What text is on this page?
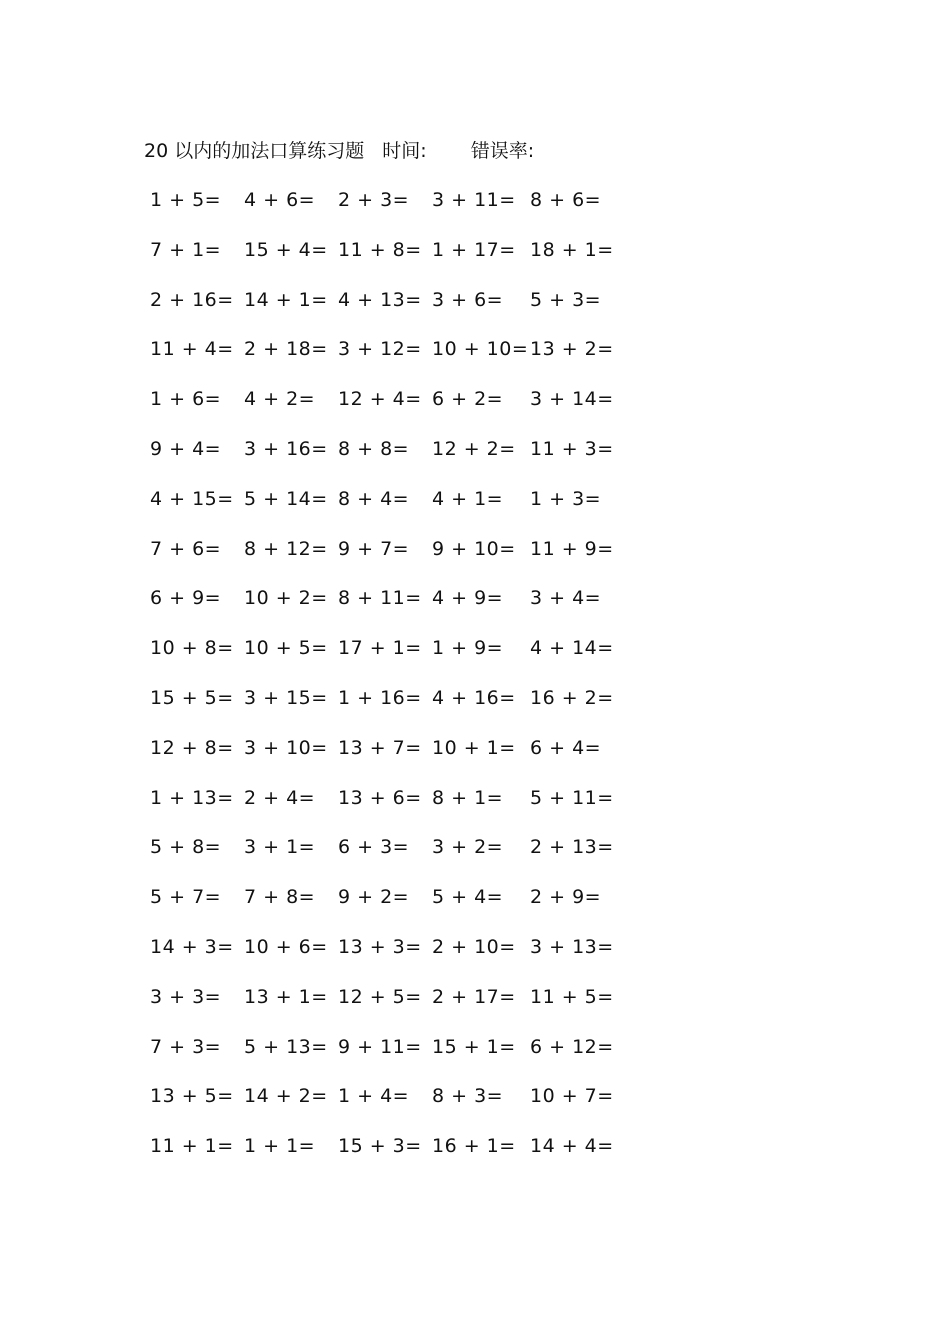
20 以内的加法口算练习题 时间: 错误率:
1 + 5= 4 + 6= 2 + 3= 3 + 11= 8 + 6=
7 + 1= 15 + 4= 11 + 8= 1 + 17= 18 + 1=
2 + 16= 14 + 1= 4 + 13= 3 + 6= 5 + 3=
11 + 4= 2 + 18= 3 + 12= 10 + 10= 13 + 2=
1 + 6= 4 + 2= 12 + 4= 6 + 2= 3 + 14=
9 + 4= 3 + 16= 8 + 8= 12 + 2= 11 + 3=
4 + 15= 5 + 14= 8 + 4= 4 + 1= 1 + 3=
7 + 6= 8 + 12= 9 + 7= 9 + 10= 11 + 9=
6 + 9= 10 + 2= 8 + 11= 4 + 9= 3 + 4=
10 + 8= 10 + 5= 17 + 1= 1 + 9= 4 + 14=
15 + 5= 3 + 15= 1 + 16= 4 + 16= 16 + 2=
12 + 8= 3 + 10= 13 + 7= 10 + 1= 6 + 4=
1 + 13= 2 + 4= 13 + 6= 8 + 1= 5 + 11=
5 + 8= 3 + 1= 6 + 3= 3 + 2= 2 + 13=
5 + 7= 7 + 8= 9 + 2= 5 + 4= 2 + 9=
14 + 3= 10 + 6= 13 + 3= 2 + 10= 3 + 13=
3 + 3= 13 + 1= 12 + 5= 2 + 17= 11 + 5=
7 + 3= 5 + 13= 9 + 11= 15 + 1= 6 + 12=
13 + 5= 14 + 2= 1 + 4= 8 + 3= 10 + 7=
11 + 1= 1 + 1= 15 + 3= 16 + 1= 14 + 4=
